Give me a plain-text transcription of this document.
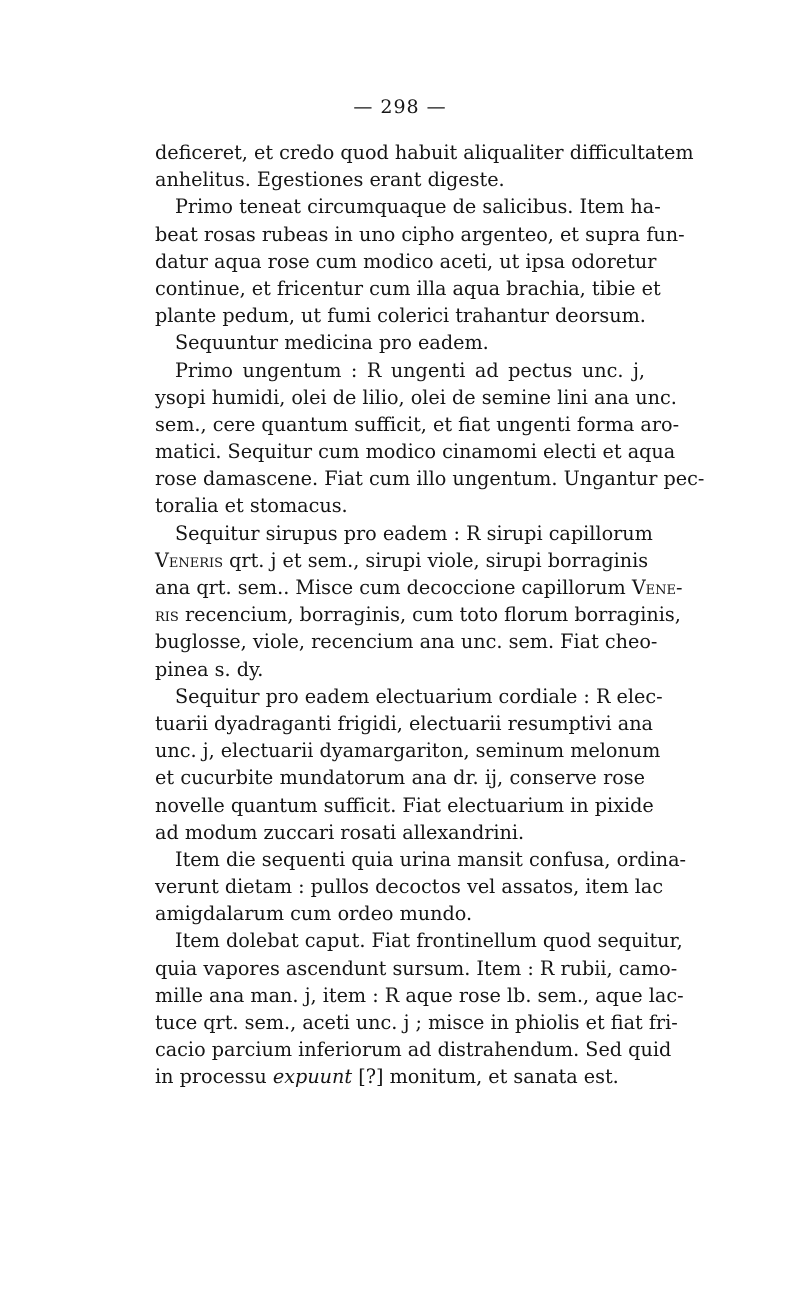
— 298 —
deficeret, et credo quod habuit aliqualiter difficultatem
anhelitus. Egestiones erant digeste.
Primo teneat circumquaque de salicibus. Item ha-
beat rosas rubeas in uno cipho argenteo, et supra fun-
datur aqua rose cum modico aceti, ut ipsa odoretur
continue, et fricentur cum illa aqua brachia, tibie et
plante pedum, ut fumi colerici trahantur deorsum.
Sequuntur medicina pro eadem.
Primo ungentum : R ungenti ad pectus unc. j,
ysopi humidi, olei de lilio, olei de semine lini ana unc.
sem., cere quantum sufficit, et fiat ungenti forma aro-
matici. Sequitur cum modico cinamomi electi et aqua
rose damascene. Fiat cum illo ungentum. Ungantur pec-
toralia et stomacus.
Sequitur sirupus pro eadem : R sirupi capillorum
Veneris qrt. j et sem., sirupi viole, sirupi borraginis
ana qrt. sem.. Misce cum decoccione capillorum Vene-
ris recencium, borraginis, cum toto florum borraginis,
buglosse, viole, recencium ana unc. sem. Fiat cheo-
pinea s. dy.
Sequitur pro eadem electuarium cordiale : R elec-
tuarii dyadraganti frigidi, electuarii resumptivi ana
unc. j, electuarii dyamargariton, seminum melonum
et cucurbite mundatorum ana dr. ij, conserve rose
novelle quantum sufficit. Fiat electuarium in pixide
ad modum zuccari rosati allexandrini.
Item die sequenti quia urina mansit confusa, ordina-
verunt dietam : pullos decoctos vel assatos, item lac
amigdalarum cum ordeo mundo.
Item dolebat caput. Fiat frontinellum quod sequitur,
quia vapores ascendunt sursum. Item : R rubii, camo-
mille ana man. j, item : R aque rose lb. sem., aque lac-
tuce qrt. sem., aceti unc. j ; misce in phiolis et fiat fri-
cacio parcium inferiorum ad distrahendum. Sed quid
in processu expuunt [?] monitum, et sanata est.
